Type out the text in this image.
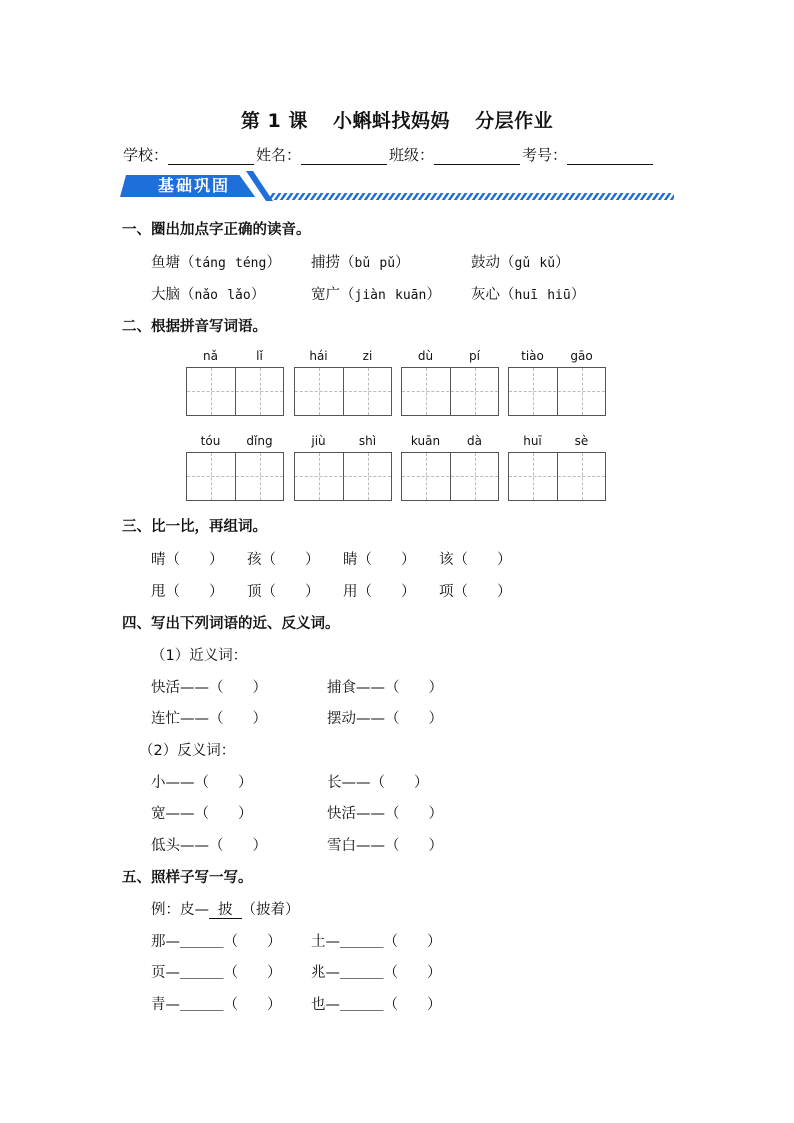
第 1 课 小蝌蚪找妈妈 分层作业
学校：	姓名：	班级：	考号：
基础巩固
一、圈出加点字正确的读音。
鱼塘（táng téng） 捕捞（bǔ pǔ）	鼓动（gǔ kǔ）
大脑（nǎo lǎo）	宽广（jiàn kuān） 灰心（huī hiū）
二、根据拼音写词语。
nǎ	lǐ	hái	zi	dù	pí	tiào	gāo
tóu	dǐng	jiù	shì	kuān	dà	huī	sè
三、比一比，再组词。
晴（　　） 孩（　　） 睛（　　） 该（　　）
甩（　　） 顶（　　） 用（　　） 项（　　）
四、写出下列词语的近、反义词。
（1）近义词：
快活——（　　）	捕食——（　　）
连忙——（　　）	摆动——（　　）
（2）反义词：
小——（　　）	长——（　　）
宽——（　　）	快活——（　　）
低头——（　　）	雪白——（　　）
五、照样子写一写。
例：皮— 披 （披着）
那—＿＿＿（　　） 土—＿＿＿（　　）
页—＿＿＿（　　） 兆—＿＿＿（　　）
青—＿＿＿（　　） 也—＿＿＿（　　）
